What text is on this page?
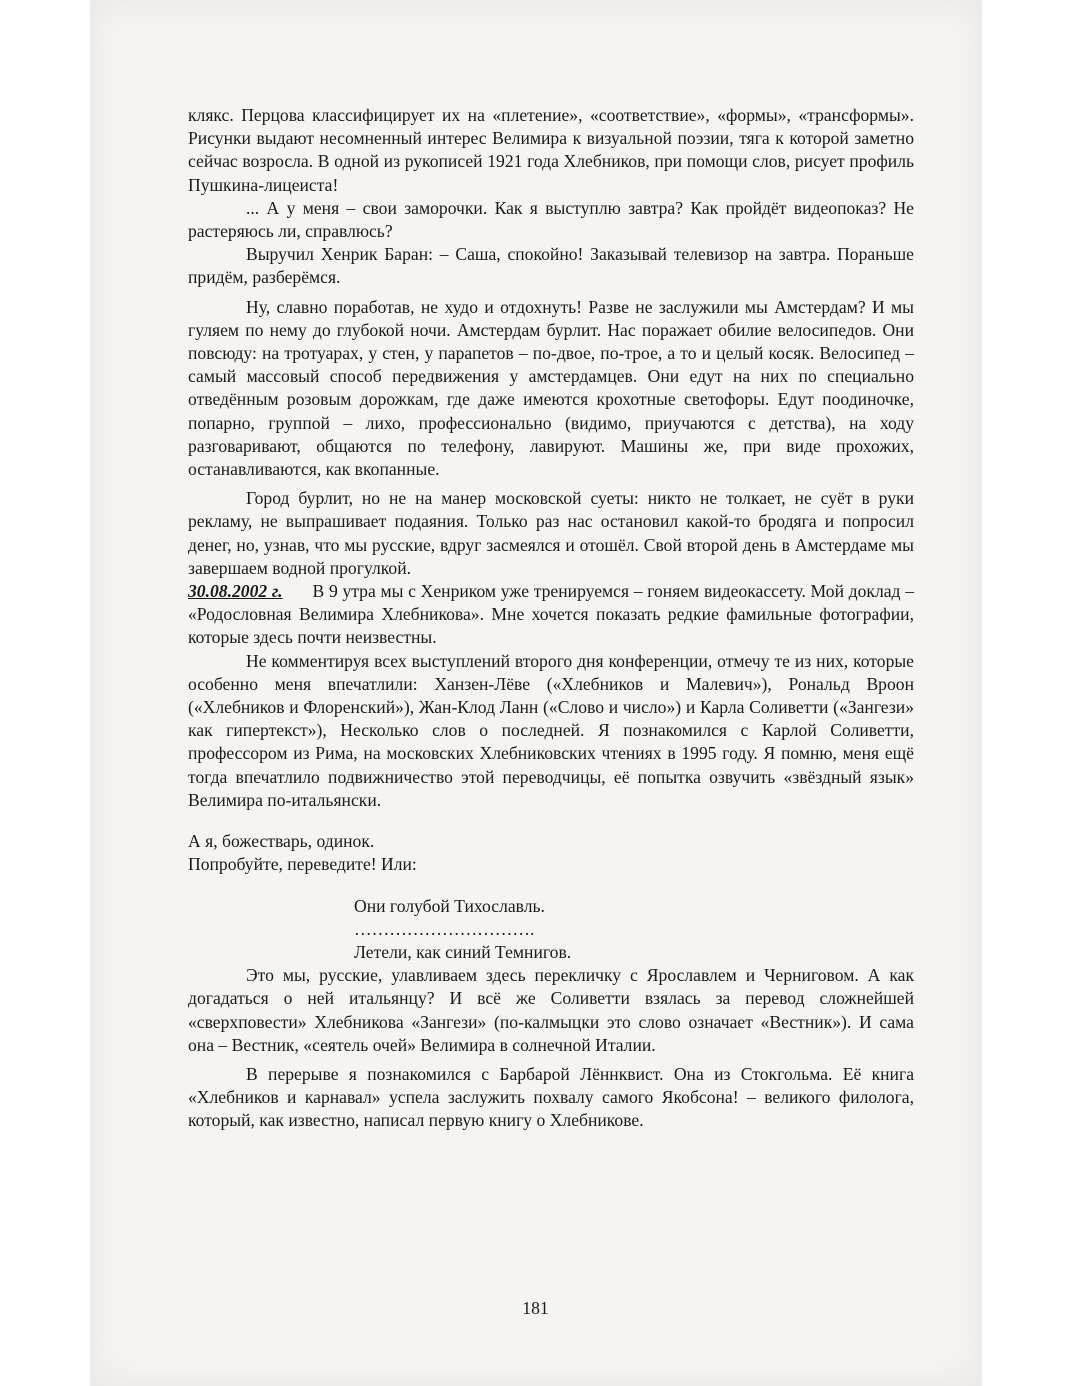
клякс. Перцова классифицирует их на «плетение», «соответствие», «формы», «трансформы». Рисунки выдают несомненный интерес Велимира к визуальной поэзии, тяга к которой заметно сейчас возросла. В одной из рукописей 1921 года Хлебников, при помощи слов, рисует профиль Пушкина-лицеиста!

... А у меня – свои заморочки. Как я выступлю завтра? Как пройдёт видеопоказ? Не растеряюсь ли, справлюсь?

Выручил Хенрик Баран: – Саша, спокойно! Заказывай телевизор на завтра. Пораньше придём, разберёмся.

Ну, славно поработав, не худо и отдохнуть! Разве не заслужили мы Амстердам? И мы гуляем по нему до глубокой ночи. Амстердам бурлит. Нас поражает обилие велосипедов. Они повсюду: на тротуарах, у стен, у парапетов – по-двое, по-трое, а то и целый косяк. Велосипед – самый массовый способ передвижения у амстердамцев. Они едут на них по специально отведённым розовым дорожкам, где даже имеются крохотные светофоры. Едут поодиночке, попарно, группой – лихо, профессионально (видимо, приучаются с детства), на ходу разговаривают, общаются по телефону, лавируют. Машины же, при виде прохожих, останавливаются, как вкопанные.

Город бурлит, но не на манер московской суеты: никто не толкает, не суёт в руки рекламу, не выпрашивает подаяния. Только раз нас остановил какой-то бродяга и попросил денег, но, узнав, что мы русские, вдруг засмеялся и отошёл. Свой второй день в Амстердаме мы завершаем водной прогулкой.

30.08.2002 г. В 9 утра мы с Хенриком уже тренируемся – гоняем видеокассету. Мой доклад – «Родословная Велимира Хлебникова». Мне хочется показать редкие фамильные фотографии, которые здесь почти неизвестны.

Не комментируя всех выступлений второго дня конференции, отмечу те из них, которые особенно меня впечатлили: Ханзен-Лёве («Хлебников и Малевич»), Рональд Вроон («Хлебников и Флоренский»), Жан-Клод Ланн («Слово и число») и Карла Соливетти («Зангези» как гипертекст»), Несколько слов о последней. Я познакомился с Карлой Соливетти, профессором из Рима, на московских Хлебниковских чтениях в 1995 году. Я помню, меня ещё тогда впечатлило подвижничество этой переводчицы, её попытка озвучить «звёздный язык» Велимира по-итальянски.

А я, божестварь, одинок.

Попробуйте, переведите! Или:

Они голубой Тихославль.
………………………….
Летели, как синий Темнигов.

Это мы, русские, улавливаем здесь перекличку с Ярославлем и Черниговом. А как догадаться о ней итальянцу? И всё же Соливетти взялась за перевод сложнейшей «сверхповести» Хлебникова «Зангези» (по-калмыцки это слово означает «Вестник»). И сама она – Вестник, «сеятель очей» Велимира в солнечной Италии.

В перерыве я познакомился с Барбарой Лённквист. Она из Стокгольма. Её книга «Хлебников и карнавал» успела заслужить похвалу самого Якобсона! – великого филолога, который, как известно, написал первую книгу о Хлебникове.

181
